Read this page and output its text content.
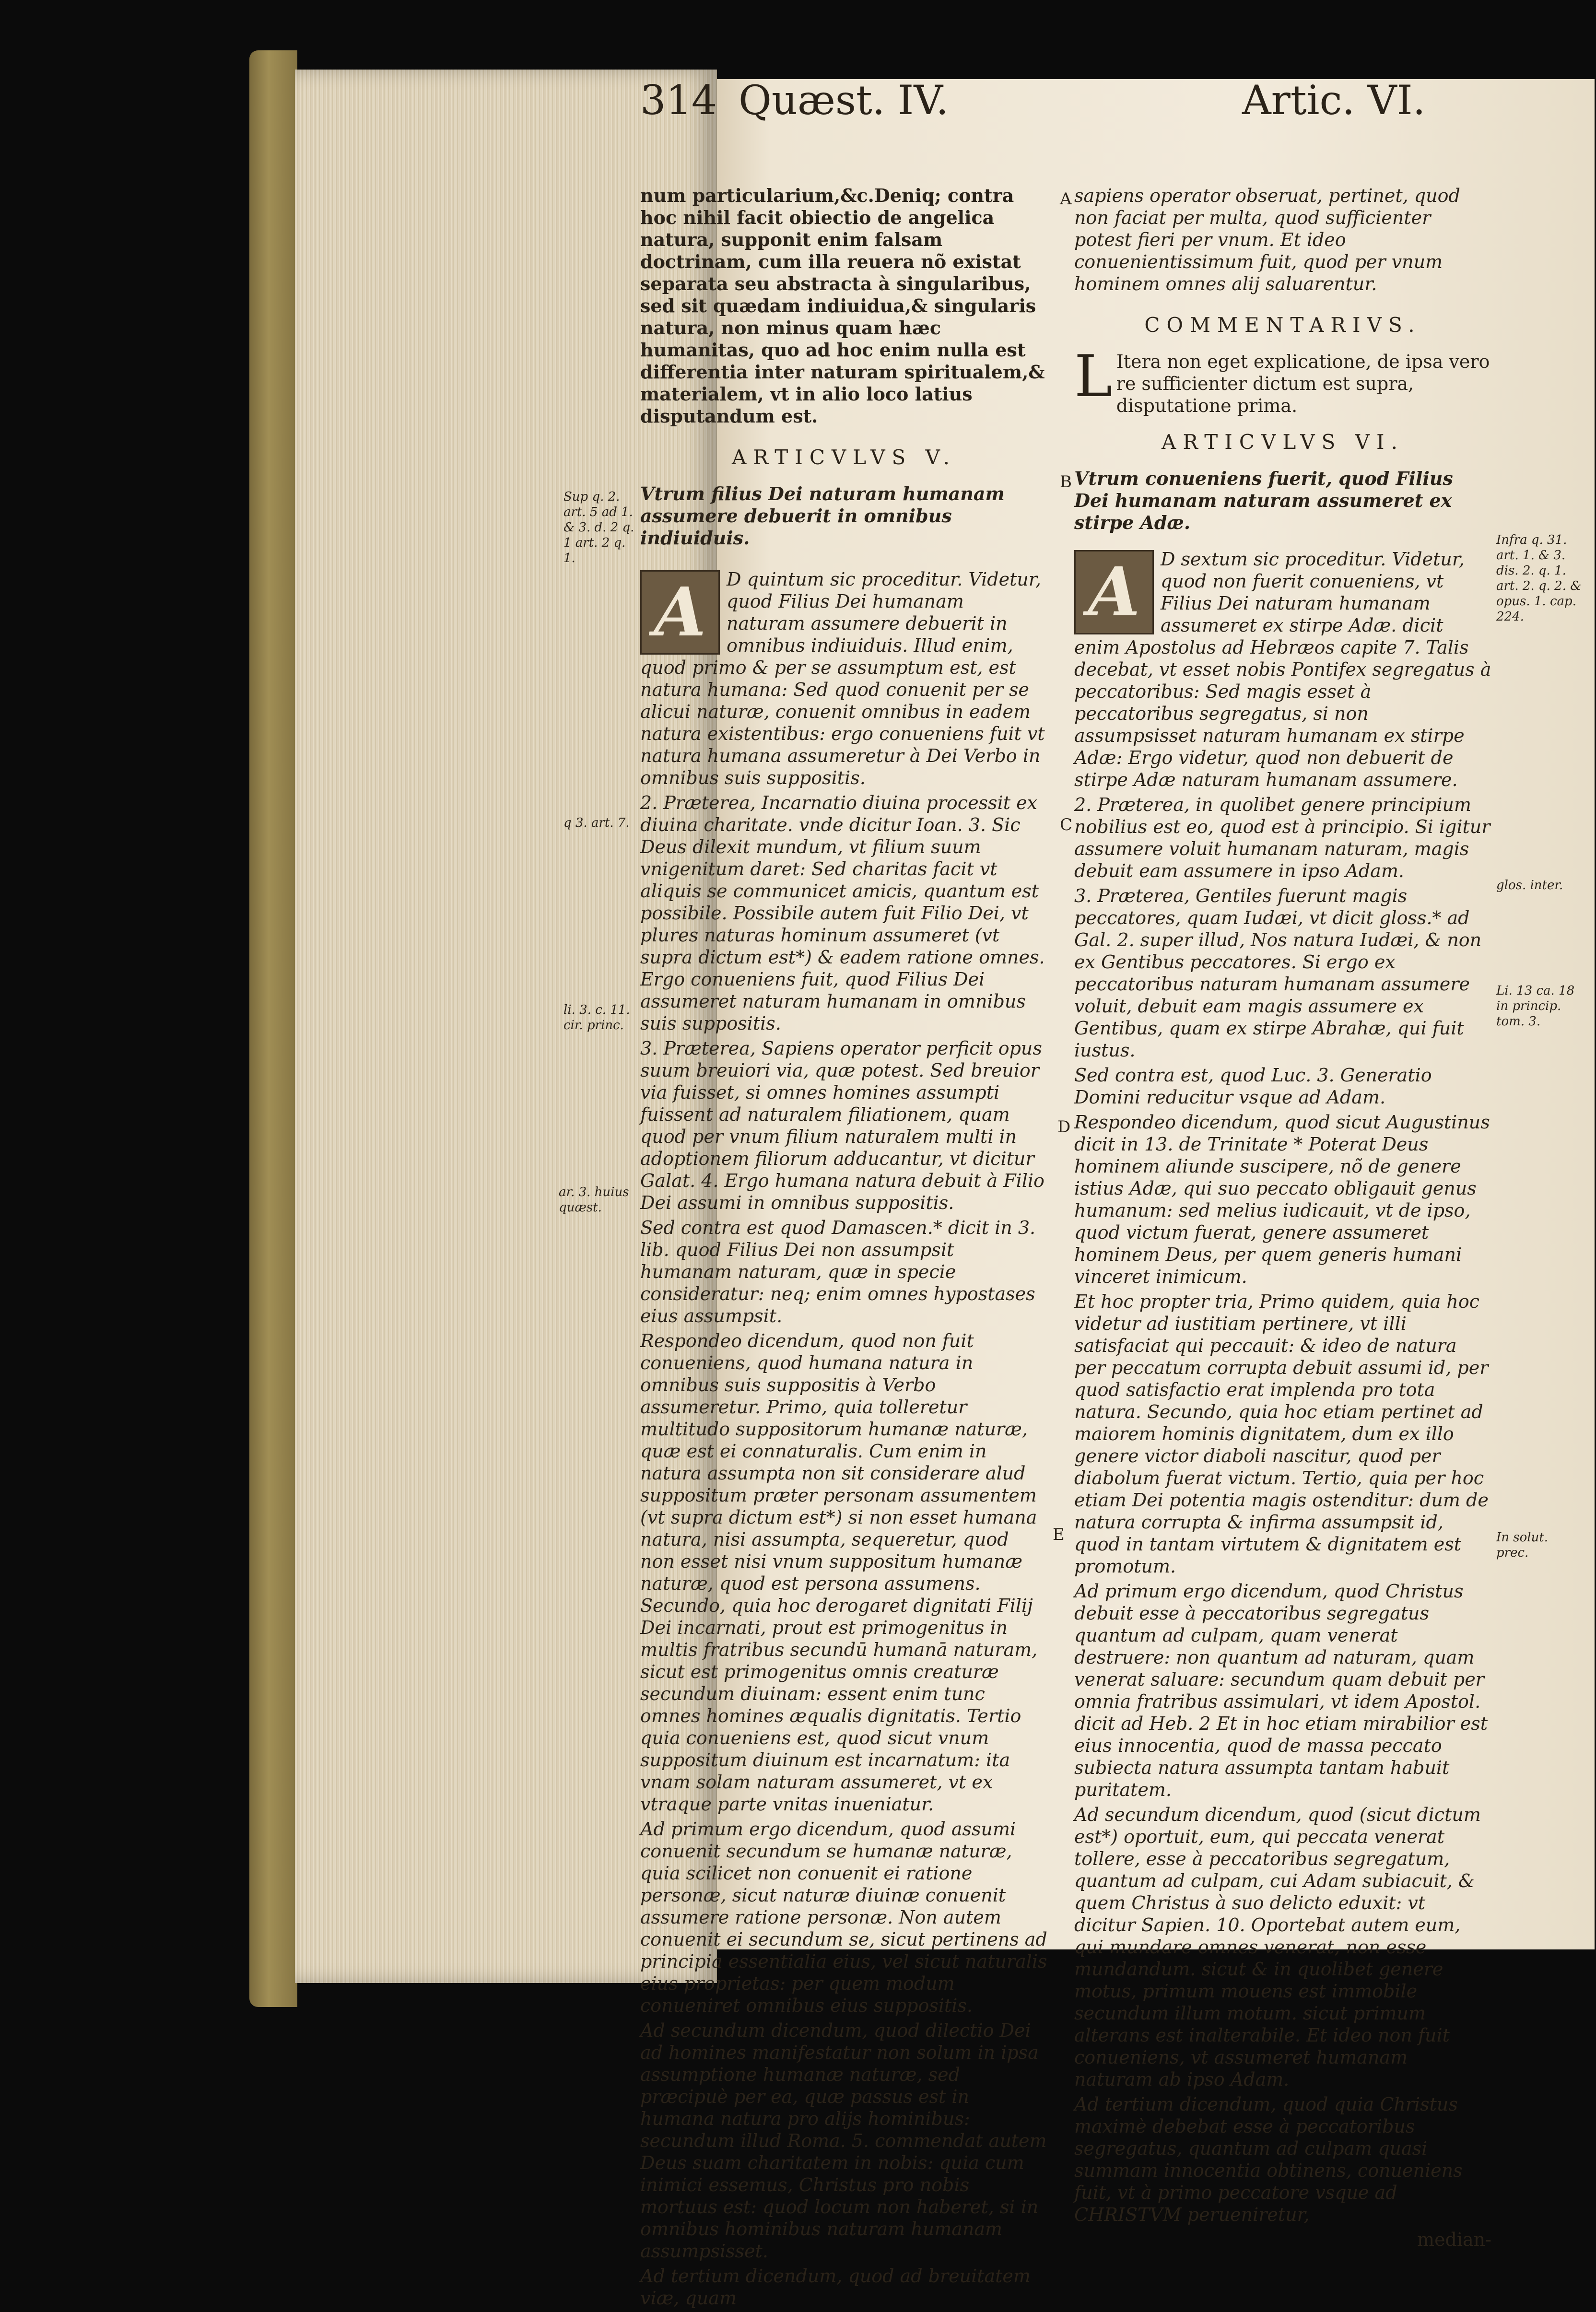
314 Quæst. IV.	Artic. VI.

num particularium,&c.Deniq; contra hoc nihil facit obiectio de angelica natura, supponit enim falsam doctrinam, cum illa reuera nõ existat separata seu abstracta à singularibus, sed sit quædam indiuidua,& singularis natura, non minus quam hæc humanitas, quo ad hoc enim nulla est differentia inter naturam spiritualem,& materialem, vt in alio loco latius disputandum est.

ARTICVLVS V.

Vtrum filius Dei naturam humanam assumere debuerit in omnibus indiuiduis.

A	D quintum sic proceditur. Videtur, quod Filius Dei humanam naturam assumere debuerit in omnibus indiuiduis. Illud enim, quod primo & per se assumptum est, est natura humana: Sed quod conuenit per se alicui naturæ, conuenit omnibus in eadem natura existentibus: ergo conueniens fuit vt natura humana assumeretur à Dei Verbo in omnibus suis suppositis.

2. Præterea, Incarnatio diuina processit ex diuina charitate. vnde dicitur Ioan. 3. Sic Deus dilexit mundum, vt filium suum vnigenitum daret: Sed charitas facit vt aliquis se communicet amicis, quantum est possibile. Possibile autem fuit Filio Dei, vt plures naturas hominum assumeret (vt supra dictum est*) & eadem ratione omnes. Ergo conueniens fuit, quod Filius Dei assumeret naturam humanam in omnibus suis suppositis.

3. Præterea, Sapiens operator perficit opus suum breuiori via, quæ potest. Sed breuior via fuisset, si omnes homines assumpti fuissent ad naturalem filiationem, quam quod per vnum filium naturalem multi in adoptionem filiorum adducantur, vt dicitur Galat. 4. Ergo humana natura debuit à Filio Dei assumi in omnibus suppositis.

Sed contra est quod Damascen.* dicit in 3. lib. quod Filius Dei non assumpsit humanam naturam, quæ in specie consideratur: neq; enim omnes hypostases eius assumpsit.

Respondeo dicendum, quod non fuit conueniens, quod humana natura in omnibus suis suppositis à Verbo assumeretur. Primo, quia tolleretur multitudo suppositorum humanæ naturæ, quæ est ei connaturalis. Cum enim in natura assumpta non sit considerare alud suppositum præter personam assumentem (vt supra dictum est*) si non esset humana natura, nisi assumpta, sequeretur, quod non esset nisi vnum suppositum humanæ naturæ, quod est persona assumens. Secundo, quia hoc derogaret dignitati Filij Dei incarnati, prout est primogenitus in multis fratribus secundū humanā naturam, sicut est primogenitus omnis creaturæ secundum diuinam: essent enim tunc omnes homines æqualis dignitatis. Tertio quia conueniens est, quod sicut vnum suppositum diuinum est incarnatum: ita vnam solam naturam assumeret, vt ex vtraque parte vnitas inueniatur.

Ad primum ergo dicendum, quod assumi conuenit secundum se humanæ naturæ, quia scilicet non conuenit ei ratione personæ, sicut naturæ diuinæ conuenit assumere ratione personæ. Non autem conuenit ei secundum se, sicut pertinens ad principia essentialia eius, vel sicut naturalis eius proprietas: per quem modum conueniret omnibus eius suppositis.

Ad secundum dicendum, quod dilectio Dei ad homines manifestatur non solum in ipsa assumptione humanæ naturæ, sed præcipuè per ea, quæ passus est in humana natura pro alijs hominibus: secundum illud Roma. 5. commendat autem Deus suam charitatem in nobis: quia cum inimici essemus, Christus pro nobis mortuus est: quod locum non haberet, si in omnibus hominibus naturam humanam assumpsisset.

Ad tertium dicendum, quod ad breuitatem viæ, quam

sapiens operator obseruat, pertinet, quod non faciat per multa, quod sufficienter potest fieri per vnum. Et ideo conuenientissimum fuit, quod per vnum hominem omnes alij saluarentur.

COMMENTARIVS.

L Itera non eget explicatione, de ipsa vero re sufficienter dictum est supra, disputatione prima.

ARTICVLVS VI.

Vtrum conueniens fuerit, quod Filius Dei humanam naturam assumeret ex stirpe Adæ.

A	D sextum sic proceditur. Videtur, quod non fuerit conueniens, vt Filius Dei naturam humanam assumeret ex stirpe Adæ. dicit enim Apostolus ad Hebræos capite 7. Talis decebat, vt esset nobis Pontifex segregatus à peccatoribus: Sed magis esset à peccatoribus segregatus, si non assumpsisset naturam humanam ex stirpe Adæ: Ergo videtur, quod non debuerit de stirpe Adæ naturam humanam assumere.

2. Præterea, in quolibet genere principium nobilius est eo, quod est à principio. Si igitur assumere voluit humanam naturam, magis debuit eam assumere in ipso Adam.

3. Præterea, Gentiles fuerunt magis peccatores, quam Iudæi, vt dicit gloss.* ad Gal. 2. super illud, Nos natura Iudæi, & non ex Gentibus peccatores. Si ergo ex peccatoribus naturam humanam assumere voluit, debuit eam magis assumere ex Gentibus, quam ex stirpe Abrahæ, qui fuit iustus.

Sed contra est, quod Luc. 3. Generatio Domini reducitur vsque ad Adam.

Respondeo dicendum, quod sicut Augustinus dicit in 13. de Trinitate * Poterat Deus hominem aliunde suscipere, nõ de genere istius Adæ, qui suo peccato obligauit genus humanum: sed melius iudicauit, vt de ipso, quod victum fuerat, genere assumeret hominem Deus, per quem generis humani vinceret inimicum.

Et hoc propter tria, Primo quidem, quia hoc videtur ad iustitiam pertinere, vt illi satisfaciat qui peccauit: & ideo de natura per peccatum corrupta debuit assumi id, per quod satisfactio erat implenda pro tota natura. Secundo, quia hoc etiam pertinet ad maiorem hominis dignitatem, dum ex illo genere victor diaboli nascitur, quod per diabolum fuerat victum. Tertio, quia per hoc etiam Dei potentia magis ostenditur: dum de natura corrupta & infirma assumpsit id, quod in tantam virtutem & dignitatem est promotum.

Ad primum ergo dicendum, quod Christus debuit esse à peccatoribus segregatus quantum ad culpam, quam venerat destruere: non quantum ad naturam, quam venerat saluare: secundum quam debuit per omnia fratribus assimulari, vt idem Apostol. dicit ad Heb. 2 Et in hoc etiam mirabilior est eius innocentia, quod de massa peccato subiecta natura assumpta tantam habuit puritatem.

Ad secundum dicendum, quod (sicut dictum est*) oportuit, eum, qui peccata venerat tollere, esse à peccatoribus segregatum, quantum ad culpam, cui Adam subiacuit, & quem Christus à suo delicto eduxit: vt dicitur Sapien. 10. Oportebat autem eum, qui mundare omnes venerat, non esse mundandum. sicut & in quolibet genere motus, primum mouens est immobile secundum illum motum. sicut primum alterans est inalterabile. Et ideo non fuit conueniens, vt assumeret humanam naturam ab ipso Adam.

Ad tertium dicendum, quod quia Christus maximè debebat esse à peccatoribus segregatus, quantum ad culpam quasi summam innocentia obtinens, conueniens fuit, vt à primo peccatore vsque ad CHRISTVM perueniretur,

median-

A
B
C
D
E
Sup q. 2. art. 5 ad 1. & 3. d. 2 q. 1 art. 2 q. 1.
q 3. art. 7.
li. 3. c. 11. cir. princ.
ar. 3. huius quæst.
Infra q. 31. art. 1. & 3. dis. 2. q. 1. art. 2. q. 2. & opus. 1. cap. 224.
glos. inter.
Li. 13 ca. 18 in princip. tom. 3.
In solut. prec.
